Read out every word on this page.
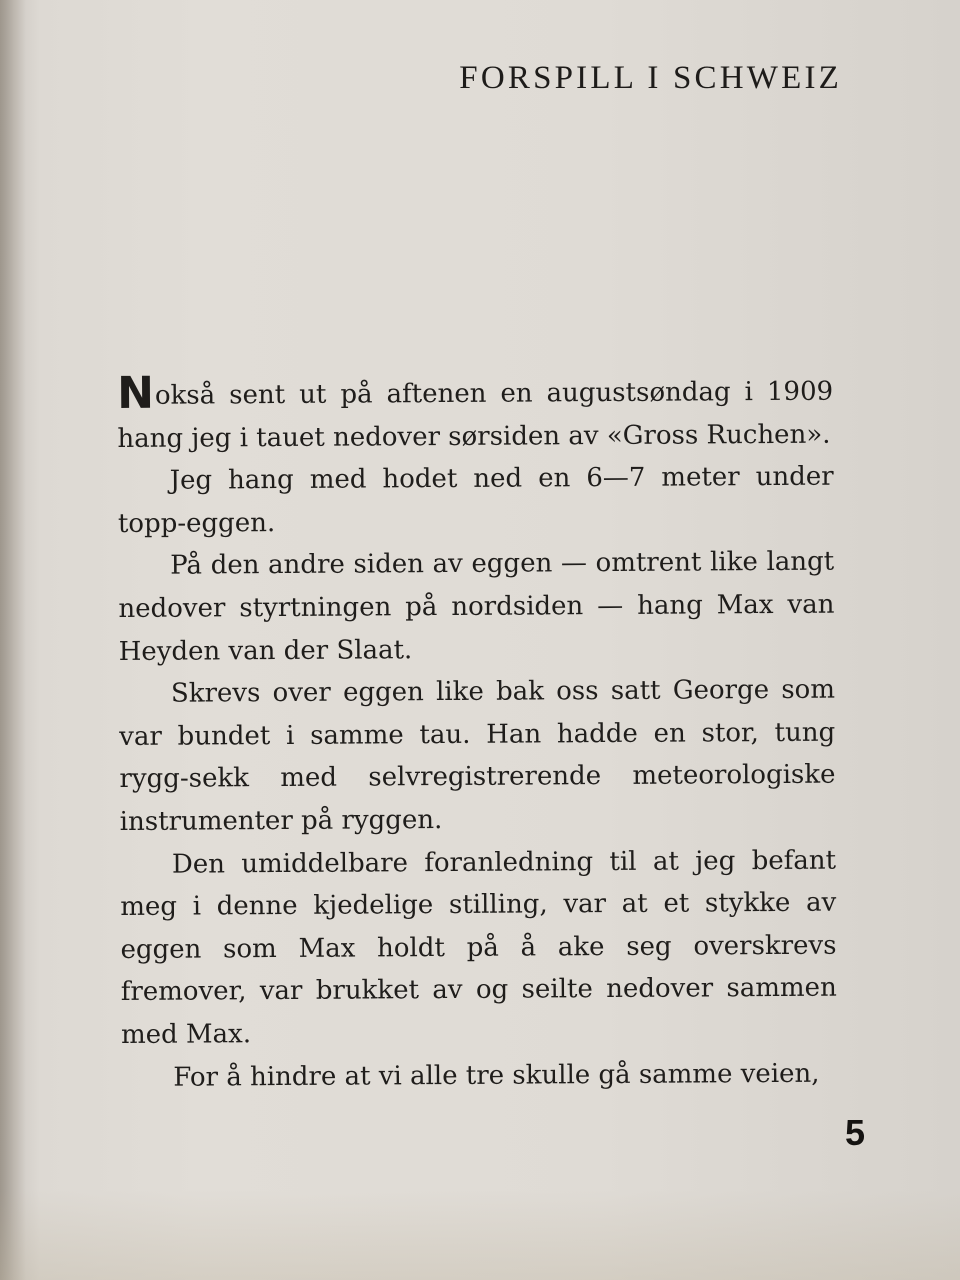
FORSPILL I SCHWEIZ

Nokså sent ut på aftenen en augustsøndag i 1909 hang jeg i tauet nedover sørsiden av «Gross Ruchen».

Jeg hang med hodet ned en 6—7 meter under topp-eggen.

På den andre siden av eggen — omtrent like langt nedover styrtningen på nordsiden — hang Max van Heyden van der Slaat.

Skrevs over eggen like bak oss satt George som var bundet i samme tau. Han hadde en stor, tung rygg-sekk med selvregistrerende meteorologiske instrumenter på ryggen.

Den umiddelbare foranledning til at jeg befant meg i denne kjedelige stilling, var at et stykke av eggen som Max holdt på å ake seg overskrevs fremover, var brukket av og seilte nedover sammen med Max.

For å hindre at vi alle tre skulle gå samme veien,

5
